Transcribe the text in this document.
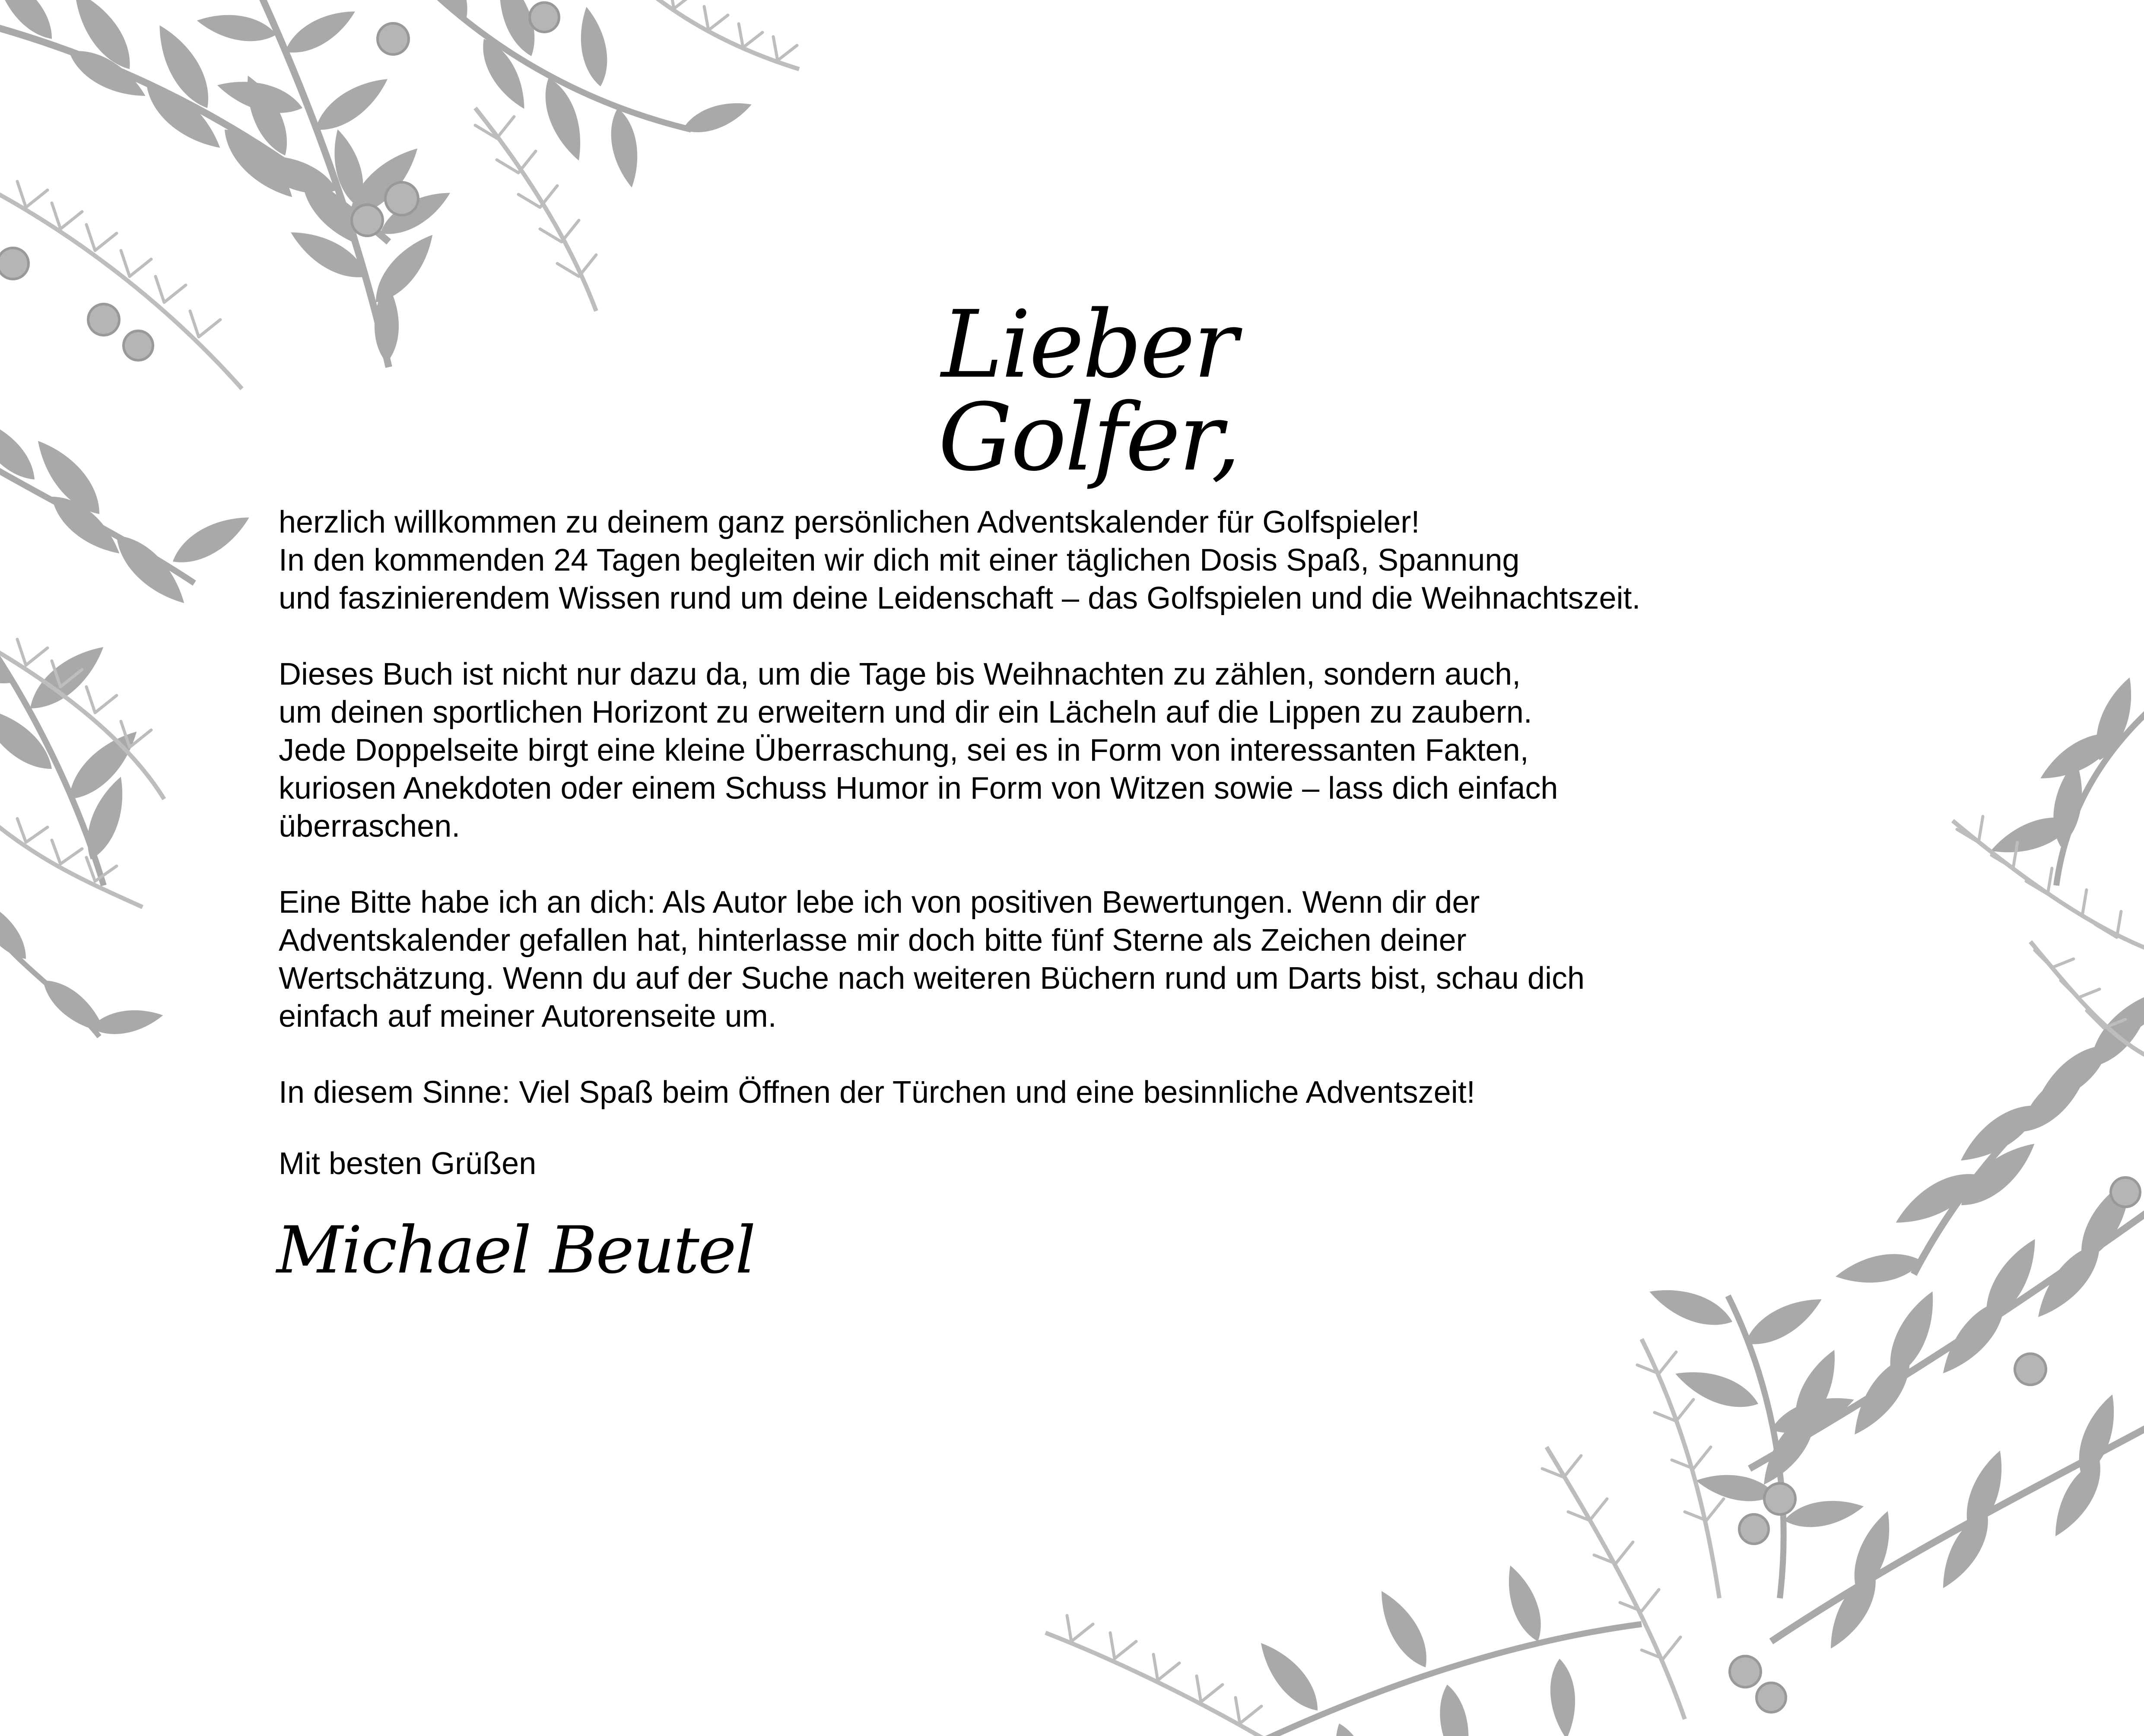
Lieber Golfer,
herzlich willkommen zu deinem ganz persönlichen Adventskalender für Golfspieler!
In den kommenden 24 Tagen begleiten wir dich mit einer täglichen Dosis Spaß, Spannung
und faszinierendem Wissen rund um deine Leidenschaft – das Golfspielen und die Weihnachtszeit.
Dieses Buch ist nicht nur dazu da, um die Tage bis Weihnachten zu zählen, sondern auch,
um deinen sportlichen Horizont zu erweitern und dir ein Lächeln auf die Lippen zu zaubern.
Jede Doppelseite birgt eine kleine Überraschung, sei es in Form von interessanten Fakten,
kuriosen Anekdoten oder einem Schuss Humor in Form von Witzen sowie – lass dich einfach
überraschen.
Eine Bitte habe ich an dich: Als Autor lebe ich von positiven Bewertungen. Wenn dir der
Adventskalender gefallen hat, hinterlasse mir doch bitte fünf Sterne als Zeichen deiner
Wertschätzung. Wenn du auf der Suche nach weiteren Büchern rund um Darts bist, schau dich
einfach auf meiner Autorenseite um.
In diesem Sinne: Viel Spaß beim Öffnen der Türchen und eine besinnliche Adventszeit!
Mit besten Grüßen
Michael Beutel
